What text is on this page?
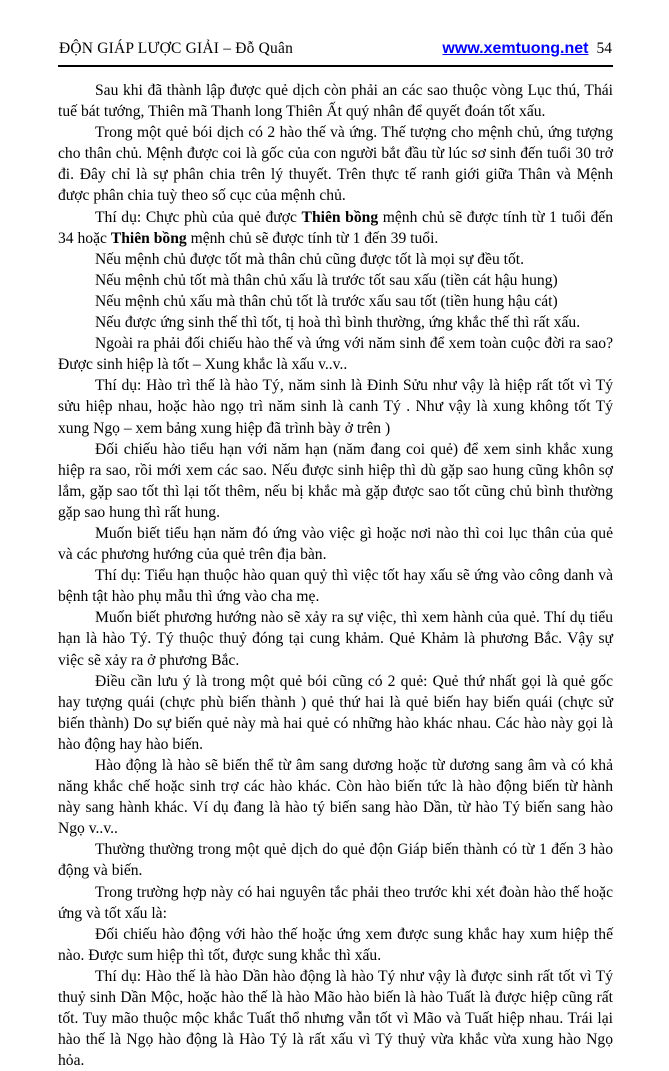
ĐỘN GIÁP LƯỢC GIẢI – Đỗ Quân	www.xemtuong.net 54

Sau khi đã thành lập được quẻ dịch còn phải an các sao thuộc vòng Lục thú, Thái tuế bát tướng, Thiên mã Thanh long Thiên Ất quý nhân để quyết đoán tốt xấu.

Trong một quẻ bói dịch có 2 hào thế và ứng. Thế tượng cho mệnh chủ, ứng tượng cho thân chủ. Mệnh được coi là gốc của con người bắt đầu từ lúc sơ sinh đến tuổi 30 trở đi. Đây chỉ là sự phân chia trên lý thuyết. Trên thực tế ranh giới giữa Thân và Mệnh được phân chia tuỳ theo số cục của mệnh chủ.

Thí dụ: Chực phù của quẻ được Thiên bồng mệnh chủ sẽ được tính từ 1 tuổi đến 34 hoặc Thiên bồng mệnh chủ sẽ được tính từ 1 đến 39 tuổi.

Nếu mệnh chủ được tốt mà thân chủ cũng được tốt là mọi sự đều tốt.

Nếu mệnh chủ tốt mà thân chủ xấu là trước tốt sau xấu (tiền cát hậu hung)

Nếu mệnh chủ xấu mà thân chủ tốt là trước xấu sau tốt (tiền hung hậu cát)

Nếu được ứng sinh thế thì tốt, tị hoà thì bình thường, ứng khắc thế thì rất xấu.

Ngoài ra phải đối chiếu hào thế và ứng với năm sinh để xem toàn cuộc đời ra sao? Được sinh hiệp là tốt – Xung khắc là xấu v..v..

Thí dụ: Hào trì thế là hào Tý, năm sinh là Đinh Sửu như vậy là hiệp rất tốt vì Tý sửu hiệp nhau, hoặc hào ngọ trì năm sinh là canh Tý . Như vậy là xung không tốt Tý xung Ngọ – xem bảng xung hiệp đã trình bày ở trên )

Đối chiếu hào tiểu hạn với năm hạn (năm đang coi quẻ) để xem sinh khắc xung hiệp ra sao, rồi mới xem các sao. Nếu được sinh hiệp thì dù gặp sao hung cũng khôn sợ lắm, gặp sao tốt thì lại tốt thêm, nếu bị khắc mà gặp được sao tốt cũng chủ bình thường gặp sao hung thì rất hung.

Muốn biết tiểu hạn năm đó ứng vào việc gì hoặc nơi nào thì coi lục thân của quẻ và các phương hướng của quẻ trên địa bàn.

Thí dụ: Tiểu hạn thuộc hào quan quỷ thì việc tốt hay xấu sẽ ứng vào công danh và bệnh tật hào phụ mẫu thì ứng vào cha mẹ.

Muốn biết phương hướng nào sẽ xảy ra sự việc, thì xem hành của quẻ. Thí dụ tiểu hạn là hào Tý. Tý thuộc thuỷ đóng tại cung khảm. Quẻ Khảm là phương Bắc. Vậy sự việc sẽ xảy ra ở phương Bắc.

Điều cần lưu ý là trong một quẻ bói cũng có 2 quẻ: Quẻ thứ nhất gọi là quẻ gốc hay tượng quái (chực phù biến thành ) quẻ thứ hai là quẻ biến hay biến quái (chực sử biến thành) Do sự biến quẻ này mà hai quẻ có những hào khác nhau. Các hào này gọi là hào động hay hào biến.

Hào động là hào sẽ biến thể từ âm sang dương hoặc từ dương sang âm và có khả năng khắc chế hoặc sinh trợ các hào khác. Còn hào biến tức là hào động biến từ hành này sang hành khác. Ví dụ đang là hào tý biến sang hào Dần, từ hào Tý biến sang hào Ngọ v..v..

Thường thường trong một quẻ dịch do quẻ độn Giáp biến thành có từ 1 đến 3 hào động và biến.

Trong trường hợp này có hai nguyên tắc phải theo trước khi xét đoàn hào thế hoặc ứng và tốt xấu là:

Đối chiếu hào động với hào thế hoặc ứng xem được sung khắc hay xum hiệp thế nào. Được sum hiệp thì tốt, được sung khắc thì xấu.

Thí dụ: Hào thế là hào Dần hào động là hào Tý như vậy là được sinh rất tốt vì Tý thuỷ sinh Dần Mộc, hoặc hào thế là hào Mão hào biến là hào Tuất là được hiệp cũng rất tốt. Tuy mão thuộc mộc khắc Tuất thổ nhưng vẫn tốt vì Mão và Tuất hiệp nhau. Trái lại hào thế là Ngọ hào động là Hào Tý là rất xấu vì Tý thuỷ vừa khắc vừa xung hào Ngọ hỏa.
